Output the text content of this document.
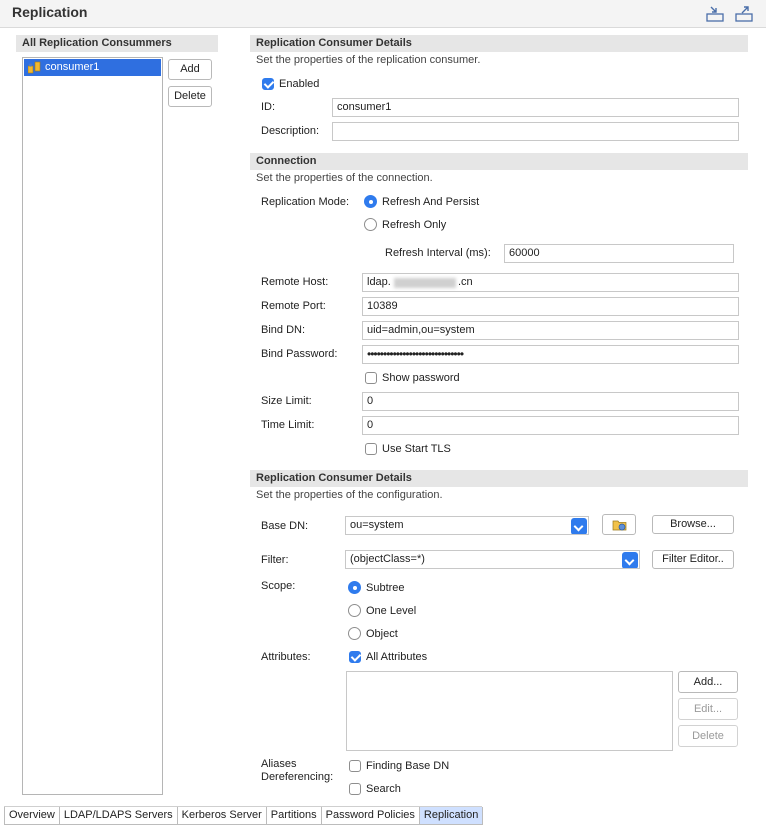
Replication
All Replication Consummers
consumer1	Add
Delete
Replication Consumer Details
Set the properties of the replication consumer.
Enabled
ID:	consumer1
Description:
Connection
Set the properties of the connection.
Replication Mode:	Refresh And Persist
Refresh Only
Refresh Interval (ms):	60000
Remote Host:	ldap.	.cn
Remote Port:	10389
Bind DN:	uid=admin,ou=system
Bind Password:	••••••••••••••••••••••••••••••
Show password
Size Limit:	0
Time Limit:	0
Use Start TLS
Replication Consumer Details
Set the properties of the configuration.
Base DN:	ou=system	Browse...
Filter:	(objectClass=*)	Filter Editor..
Scope:	Subtree
One Level
Object
Attributes:	All Attributes
Add...
Edit...
Delete
Aliases
Dereferencing:
Finding Base DN
Search
Overview LDAP/LDAPS Servers Kerberos Server Partitions Password Policies Replication
